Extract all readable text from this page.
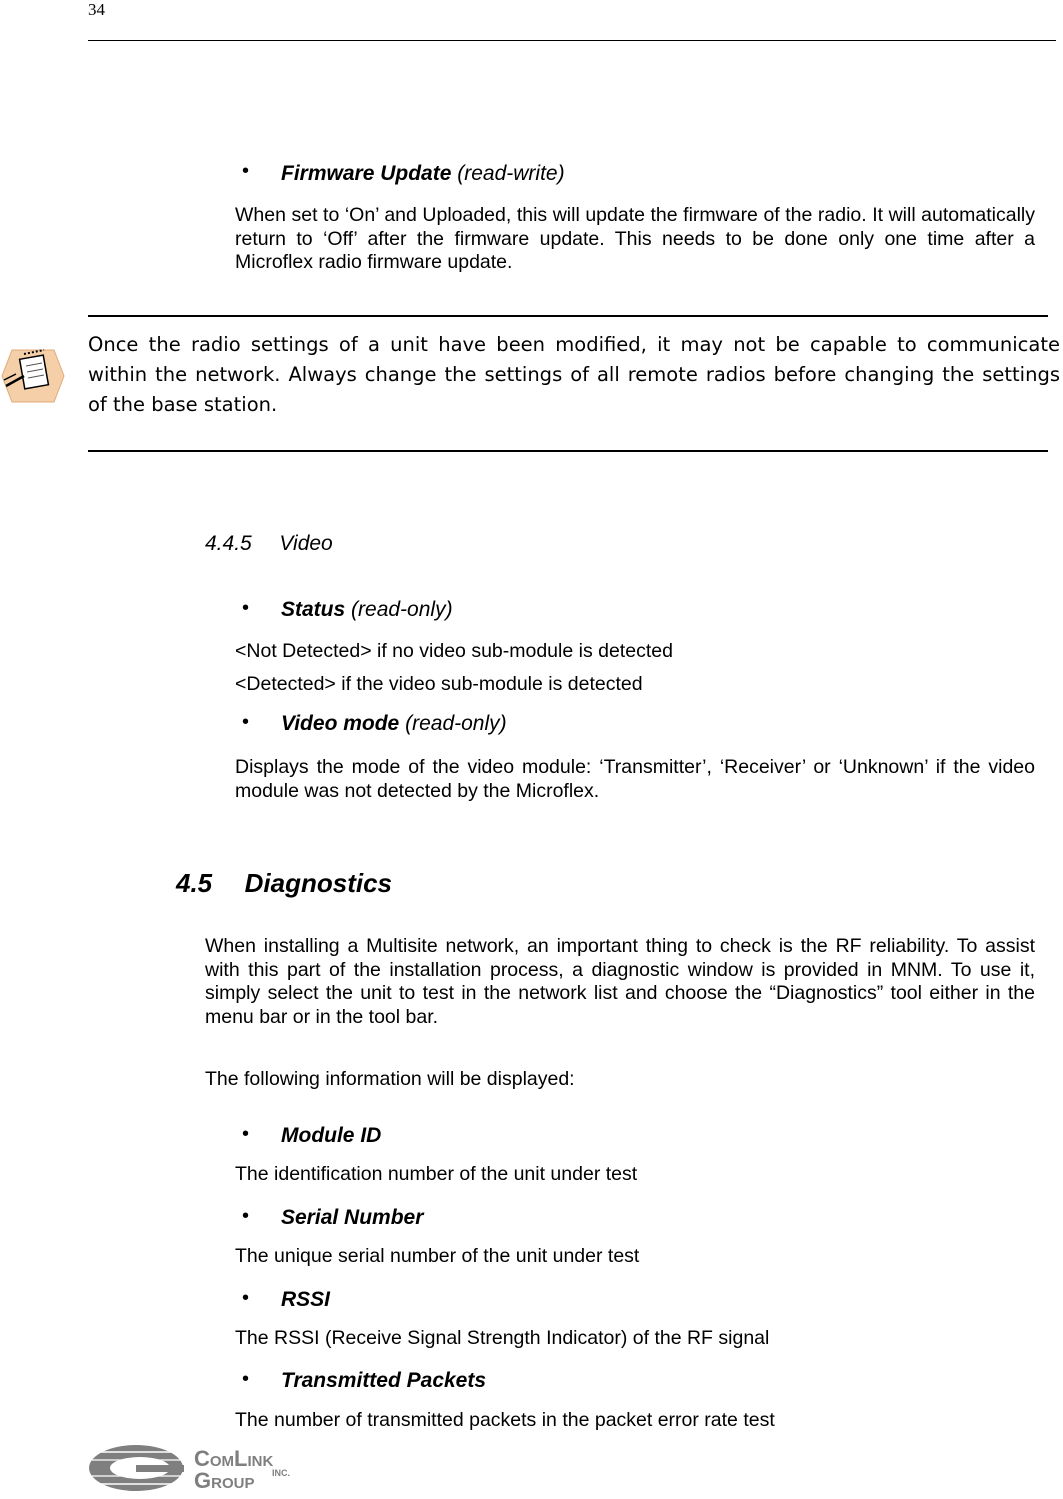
34
• Firmware Update (read-write)
When set to ‘On’ and Uploaded, this will update the firmware of the radio. It will automatically return to ‘Off’ after the firmware update. This needs to be done only one time after a Microflex radio firmware update.
Once the radio settings of a unit have been modified, it may not be capable to communicate within the network. Always change the settings of all remote radios before changing the settings of the base station.
4.4.5 Video
• Status (read-only)
<Not Detected> if no video sub-module is detected
<Detected> if the video sub-module is detected
• Video mode (read-only)
Displays the mode of the video module: ‘Transmitter’, ‘Receiver’ or ‘Unknown’ if the video module was not detected by the Microflex.
4.5 Diagnostics
When installing a Multisite network, an important thing to check is the RF reliability. To assist with this part of the installation process, a diagnostic window is provided in MNM. To use it, simply select the unit to test in the network list and choose the “Diagnostics” tool either in the menu bar or in the tool bar.
The following information will be displayed:
• Module ID
The identification number of the unit under test
• Serial Number
The unique serial number of the unit under test
• RSSI
The RSSI (Receive Signal Strength Indicator) of the RF signal
• Transmitted Packets
The number of transmitted packets in the packet error rate test
ComLink
Group INC.
